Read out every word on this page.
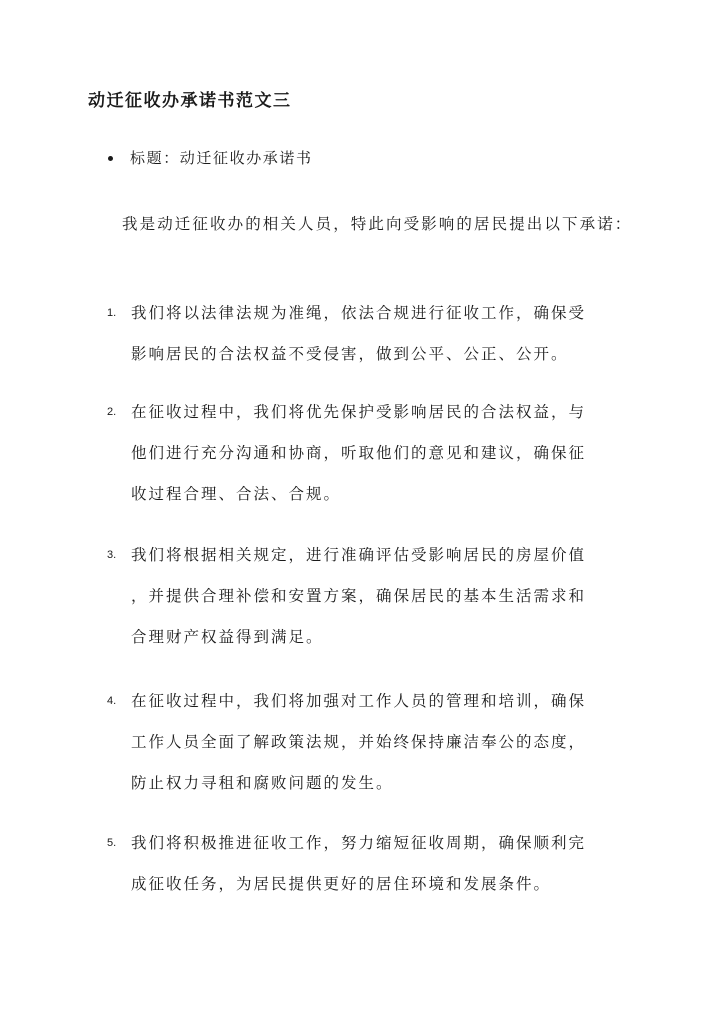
动迁征收办承诺书范文三
标题：动迁征收办承诺书
我是动迁征收办的相关人员，特此向受影响的居民提出以下承诺：
1. 我们将以法律法规为准绳，依法合规进行征收工作，确保受
影响居民的合法权益不受侵害，做到公平、公正、公开。
2. 在征收过程中，我们将优先保护受影响居民的合法权益，与
他们进行充分沟通和协商，听取他们的意见和建议，确保征
收过程合理、合法、合规。
3. 我们将根据相关规定，进行准确评估受影响居民的房屋价值
，并提供合理补偿和安置方案，确保居民的基本生活需求和
合理财产权益得到满足。
4. 在征收过程中，我们将加强对工作人员的管理和培训，确保
工作人员全面了解政策法规，并始终保持廉洁奉公的态度，
防止权力寻租和腐败问题的发生。
5. 我们将积极推进征收工作，努力缩短征收周期，确保顺利完
成征收任务，为居民提供更好的居住环境和发展条件。
